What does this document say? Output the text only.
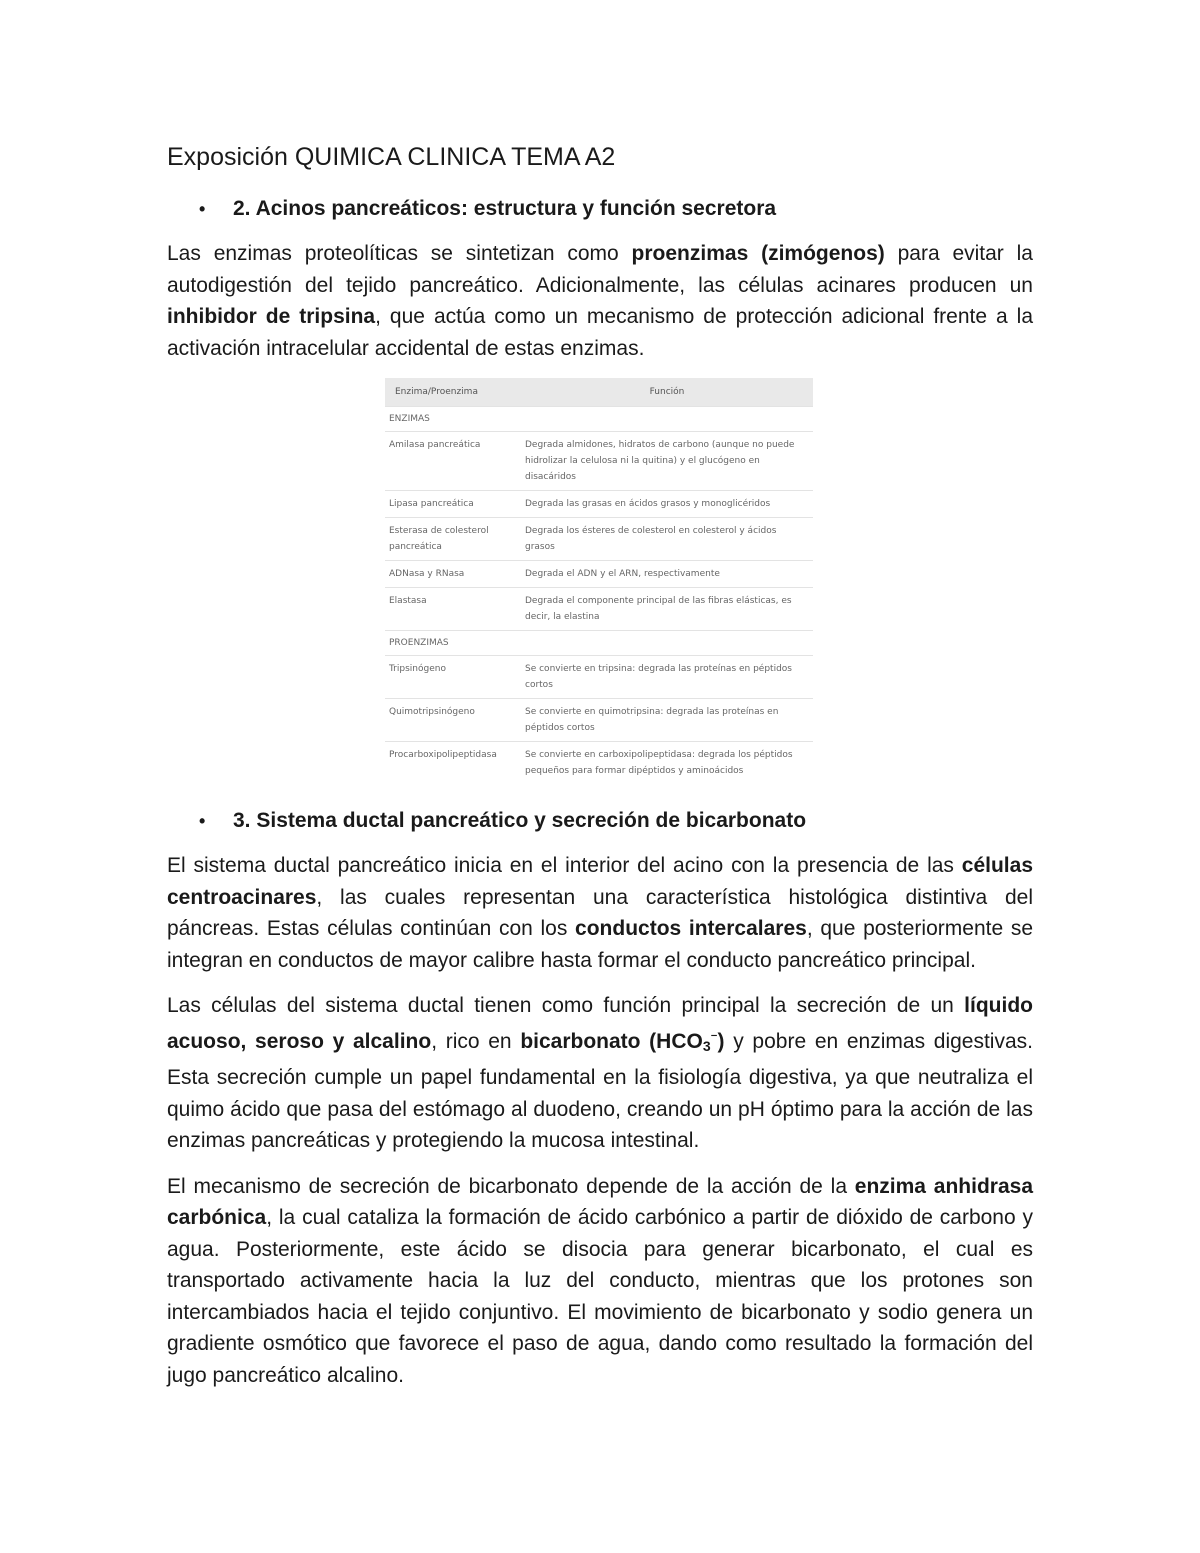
Exposición QUIMICA CLINICA TEMA A2
•	2. Acinos pancreáticos: estructura y función secretora

Las enzimas proteolíticas se sintetizan como proenzimas (zimógenos) para evitar la autodigestión del tejido pancreático. Adicionalmente, las células acinares producen un inhibidor de tripsina, que actúa como un mecanismo de protección adicional frente a la activación intracelular accidental de estas enzimas.

Enzima/Proenzima	Función
ENZIMAS	
Amilasa pancreática	Degrada almidones, hidratos de carbono (aunque no puede hidrolizar la celulosa ni la quitina) y el glucógeno en disacáridos
Lipasa pancreática	Degrada las grasas en ácidos grasos y monoglicéridos
Esterasa de colesterol pancreática	Degrada los ésteres de colesterol en colesterol y ácidos grasos
ADNasa y RNasa	Degrada el ADN y el ARN, respectivamente
Elastasa	Degrada el componente principal de las fibras elásticas, es decir, la elastina
PROENZIMAS	
Tripsinógeno	Se convierte en tripsina: degrada las proteínas en péptidos cortos
Quimotripsinógeno	Se convierte en quimotripsina: degrada las proteínas en péptidos cortos
Procarboxipolipeptidasa	Se convierte en carboxipolipeptidasa: degrada los péptidos pequeños para formar dipéptidos y aminoácidos
•	3. Sistema ductal pancreático y secreción de bicarbonato

El sistema ductal pancreático inicia en el interior del acino con la presencia de las células centroacinares, las cuales representan una característica histológica distintiva del páncreas. Estas células continúan con los conductos intercalares, que posteriormente se integran en conductos de mayor calibre hasta formar el conducto pancreático principal.

Las células del sistema ductal tienen como función principal la secreción de un líquido acuoso, seroso y alcalino, rico en bicarbonato $(HCO_3^{^-})$ y pobre en enzimas digestivas. Esta secreción cumple un papel fundamental en la fisiología digestiva, ya que neutraliza el quimo ácido que pasa del estómago al duodeno, creando un pH óptimo para la acción de las enzimas pancreáticas y protegiendo la mucosa intestinal.

El mecanismo de secreción de bicarbonato depende de la acción de la enzima anhidrasa carbónica, la cual cataliza la formación de ácido carbónico a partir de dióxido de carbono y agua. Posteriormente, este ácido se disocia para generar bicarbonato, el cual es transportado activamente hacia la luz del conducto, mientras que los protones son intercambiados hacia el tejido conjuntivo. El movimiento de bicarbonato y sodio genera un gradiente osmótico que favorece el paso de agua, dando como resultado la formación del jugo pancreático alcalino.
